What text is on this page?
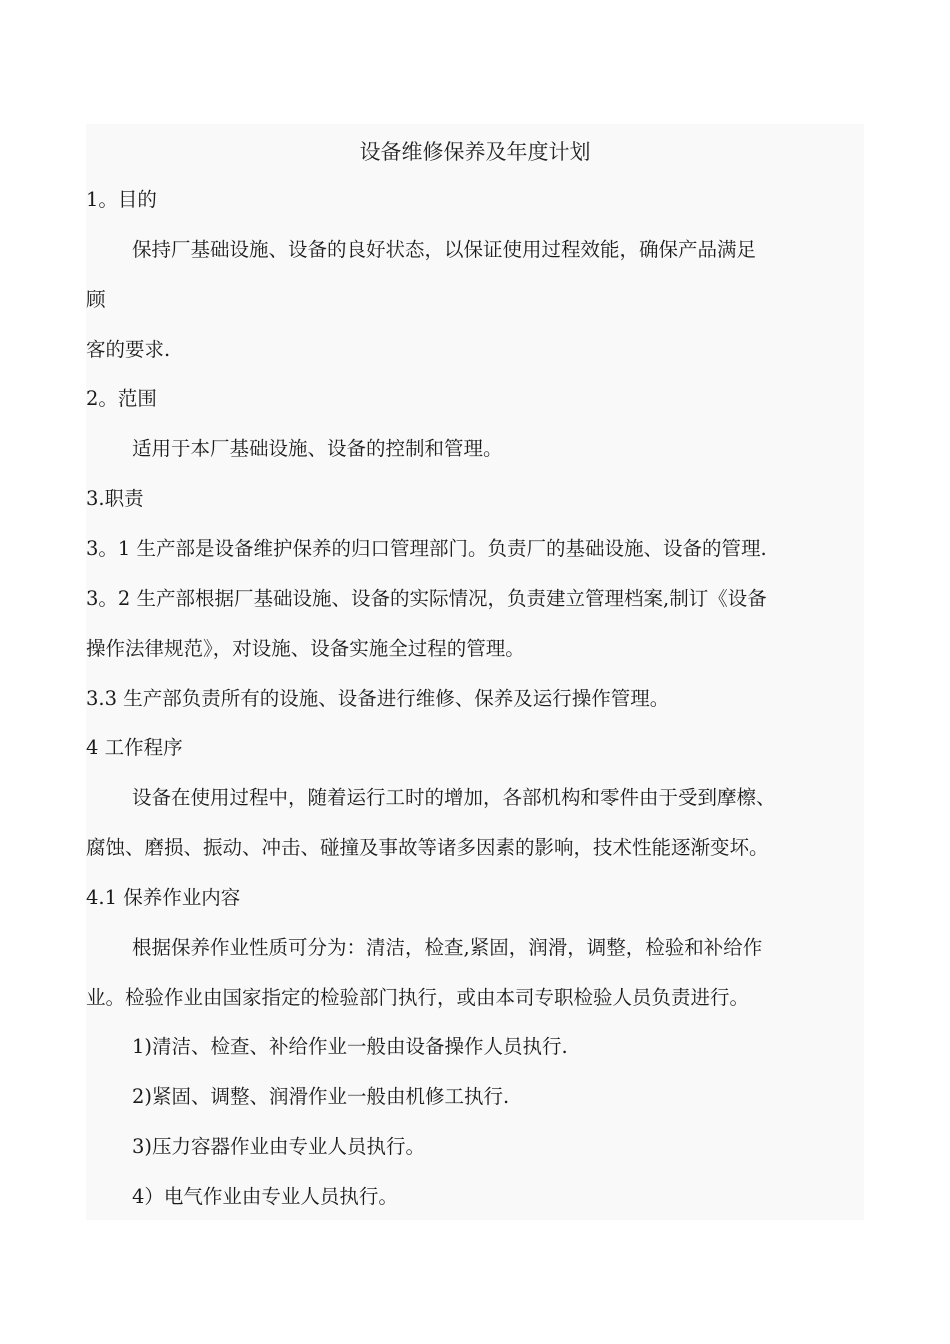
设备维修保养及年度计划
1。目的
保持厂基础设施、设备的良好状态，以保证使用过程效能，确保产品满足
顾
客的要求.
2。范围
适用于本厂基础设施、设备的控制和管理。
3.职责
3。1 生产部是设备维护保养的归口管理部门。负责厂的基础设施、设备的管理.
3。2 生产部根据厂基础设施、设备的实际情况，负责建立管理档案,制订《设备
操作法律规范》，对设施、设备实施全过程的管理。
3.3 生产部负责所有的设施、设备进行维修、保养及运行操作管理。
4 工作程序
设备在使用过程中，随着运行工时的增加，各部机构和零件由于受到摩檫、
腐蚀、磨损、振动、冲击、碰撞及事故等诸多因素的影响，技术性能逐渐变坏。
4.1 保养作业内容
根据保养作业性质可分为：清洁，检查,紧固，润滑，调整，检验和补给作
业。检验作业由国家指定的检验部门执行，或由本司专职检验人员负责进行。
1)清洁、检查、补给作业一般由设备操作人员执行.
2)紧固、调整、润滑作业一般由机修工执行.
3)压力容器作业由专业人员执行。
4）电气作业由专业人员执行。
